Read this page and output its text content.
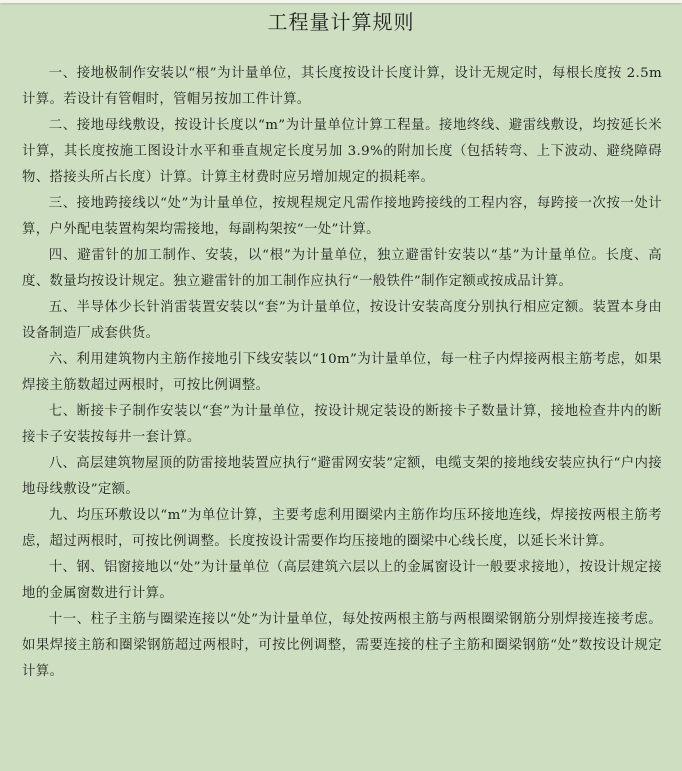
工程量计算规则

一、接地极制作安装以“根”为计量单位，其长度按设计长度计算，设计无规定时，每根长度按 2.5m 计算。若设计有管帽时，管帽另按加工件计算。

二、接地母线敷设，按设计长度以“m”为计量单位计算工程量。接地终线、避雷线敷设，均按延长米计算，其长度按施工图设计水平和垂直规定长度另加 3.9%的附加长度（包括转弯、上下波动、避绕障碍物、搭接头所占长度）计算。计算主材费时应另增加规定的损耗率。

三、接地跨接线以“处”为计量单位，按规程规定凡需作接地跨接线的工程内容，每跨接一次按一处计算，户外配电装置构架均需接地，每副构架按“一处”计算。

四、避雷针的加工制作、安装，以“根”为计量单位，独立避雷针安装以“基”为计量单位。长度、高度、数量均按设计规定。独立避雷针的加工制作应执行“一般铁件”制作定额或按成品计算。

五、半导体少长针消雷装置安装以“套”为计量单位，按设计安装高度分别执行相应定额。装置本身由设备制造厂成套供货。

六、利用建筑物内主筋作接地引下线安装以“10m”为计量单位，每一柱子内焊接两根主筋考虑，如果焊接主筋数超过两根时，可按比例调整。

七、断接卡子制作安装以“套”为计量单位，按设计规定装设的断接卡子数量计算，接地检查井内的断接卡子安装按每井一套计算。

八、高层建筑物屋顶的防雷接地装置应执行“避雷网安装”定额，电缆支架的接地线安装应执行“户内接地母线敷设”定额。

九、均压环敷设以“m”为单位计算，主要考虑利用圈梁内主筋作均压环接地连线，焊接按两根主筋考虑，超过两根时，可按比例调整。长度按设计需要作均压接地的圈梁中心线长度，以延长米计算。

十、钢、铝窗接地以“处”为计量单位（高层建筑六层以上的金属窗设计一般要求接地），按设计规定接地的金属窗数进行计算。

十一、柱子主筋与圈梁连接以“处”为计量单位，每处按两根主筋与两根圈梁钢筋分别焊接连接考虑。如果焊接主筋和圈梁钢筋超过两根时，可按比例调整，需要连接的柱子主筋和圈梁钢筋“处”数按设计规定计算。
